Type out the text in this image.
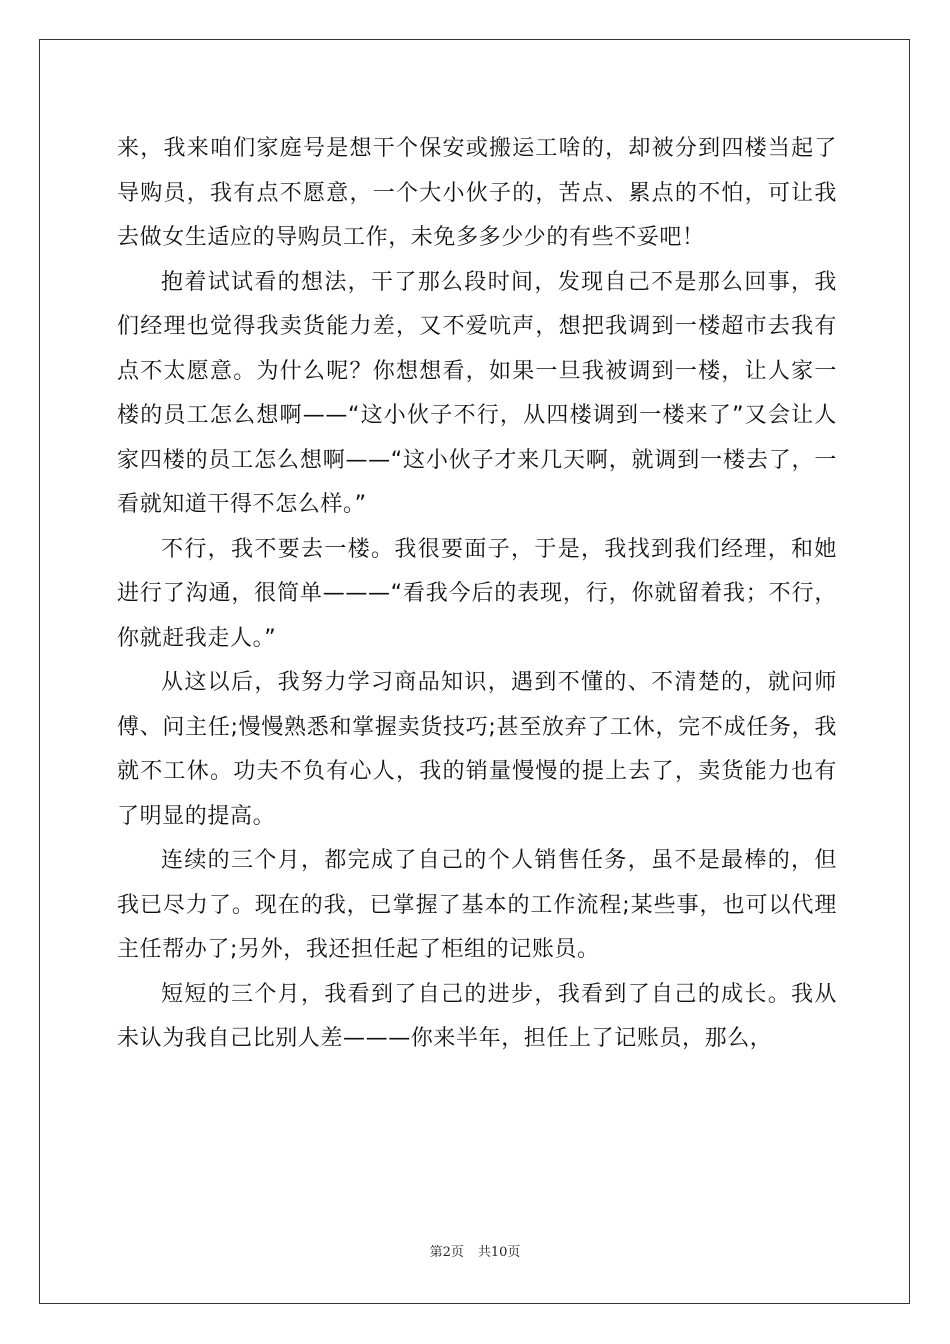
来，我来咱们家庭号是想干个保安或搬运工啥的，却被分到四楼当起了导购员，我有点不愿意，一个大小伙子的，苦点、累点的不怕，可让我去做女生适应的导购员工作，未免多多少少的有些不妥吧！

抱着试试看的想法，干了那么段时间，发现自己不是那么回事，我们经理也觉得我卖货能力差，又不爱吭声，想把我调到一楼超市去我有点不太愿意。为什么呢？你想想看，如果一旦我被调到一楼，让人家一楼的员工怎么想啊——“这小伙子不行，从四楼调到一楼来了”又会让人家四楼的员工怎么想啊——“这小伙子才来几天啊，就调到一楼去了，一看就知道干得不怎么样。”

不行，我不要去一楼。我很要面子，于是，我找到我们经理，和她进行了沟通，很简单———“看我今后的表现，行，你就留着我；不行，你就赶我走人。”

从这以后，我努力学习商品知识，遇到不懂的、不清楚的，就问师傅、问主任;慢慢熟悉和掌握卖货技巧;甚至放弃了工休，完不成任务，我就不工休。功夫不负有心人，我的销量慢慢的提上去了，卖货能力也有了明显的提高。

连续的三个月，都完成了自己的个人销售任务，虽不是最棒的，但我已尽力了。现在的我，已掌握了基本的工作流程;某些事，也可以代理主任帮办了;另外，我还担任起了柜组的记账员。

短短的三个月，我看到了自己的进步，我看到了自己的成长。我从未认为我自己比别人差———你来半年，担任上了记账员，那么，

第2页 共10页
